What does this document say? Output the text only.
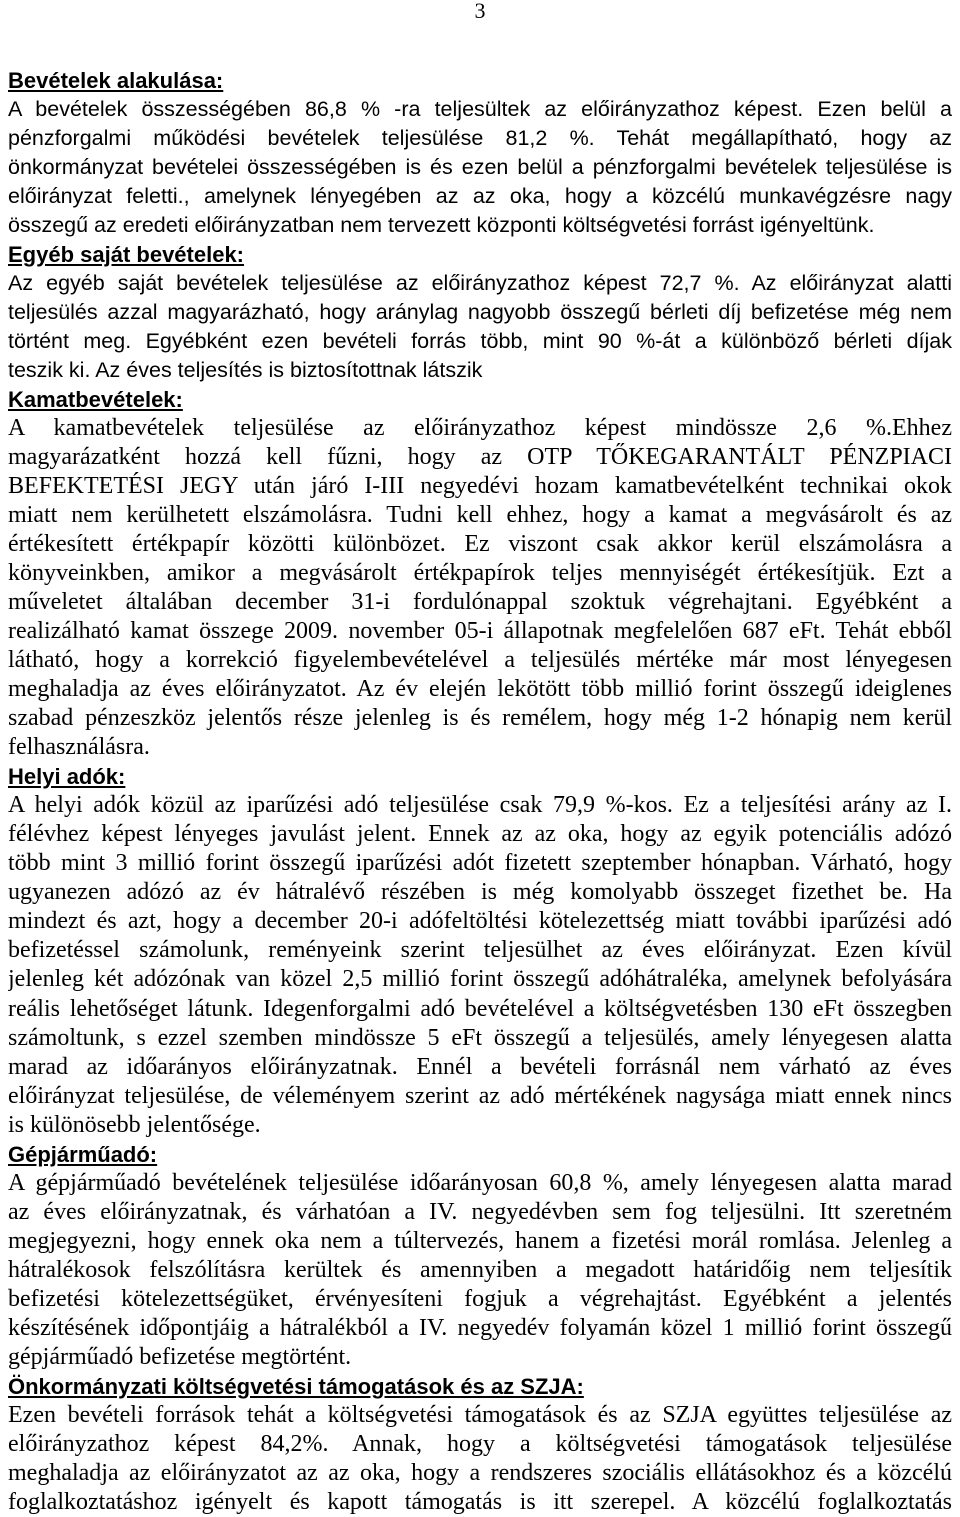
3
Bevételek alakulása:
A bevételek összességében 86,8 % -ra teljesültek az előirányzathoz képest. Ezen belül a
pénzforgalmi működési bevételek teljesülése 81,2 %. Tehát megállapítható, hogy az
önkormányzat bevételei összességében is és ezen belül a pénzforgalmi bevételek teljesülése is
előirányzat feletti., amelynek lényegében az az oka, hogy a közcélú munkavégzésre nagy
összegű az eredeti előirányzatban nem tervezett központi költségvetési forrást igényeltünk.
Egyéb saját bevételek:
Az egyéb saját bevételek teljesülése az előirányzathoz képest 72,7 %. Az előirányzat alatti
teljesülés azzal magyarázható, hogy aránylag nagyobb összegű bérleti díj befizetése még nem
történt meg. Egyébként ezen bevételi forrás több, mint 90 %-át a különböző bérleti díjak
teszik ki. Az éves teljesítés is biztosítottnak látszik
Kamatbevételek:
A kamatbevételek teljesülése az előirányzathoz képest mindössze 2,6 %.Ehhez
magyarázatként hozzá kell fűzni, hogy az OTP TŐKEGARANTÁLT PÉNZPIACI
BEFEKTETÉSI JEGY után járó I-III negyedévi hozam kamatbevételként technikai okok
miatt nem kerülhetett elszámolásra. Tudni kell ehhez, hogy a kamat a megvásárolt és az
értékesített értékpapír közötti különbözet. Ez viszont csak akkor kerül elszámolásra a
könyveinkben, amikor a megvásárolt értékpapírok teljes mennyiségét értékesítjük. Ezt a
műveletet általában december 31-i fordulónappal szoktuk végrehajtani. Egyébként a
realizálható kamat összege 2009. november 05-i állapotnak megfelelően 687 eFt. Tehát ebből
látható, hogy a korrekció figyelembevételével a teljesülés mértéke már most lényegesen
meghaladja az éves előirányzatot. Az év elején lekötött több millió forint összegű ideiglenes
szabad pénzeszköz jelentős része jelenleg is és remélem, hogy még 1-2 hónapig nem kerül
felhasználásra.
Helyi adók:
A helyi adók közül az iparűzési adó teljesülése csak 79,9 %-kos. Ez a teljesítési arány az I.
félévhez képest lényeges javulást jelent. Ennek az az oka, hogy az egyik potenciális adózó
több mint 3 millió forint összegű iparűzési adót fizetett szeptember hónapban. Várható, hogy
ugyanezen adózó az év hátralévő részében is még komolyabb összeget fizethet be. Ha
mindezt és azt, hogy a december 20-i adófeltöltési kötelezettség miatt további iparűzési adó
befizetéssel számolunk, reményeink szerint teljesülhet az éves előirányzat. Ezen kívül
jelenleg két adózónak van közel 2,5 millió forint összegű adóhátraléka, amelynek befolyására
reális lehetőséget látunk. Idegenforgalmi adó bevételével a költségvetésben 130 eFt összegben
számoltunk, s ezzel szemben mindössze 5 eFt összegű a teljesülés, amely lényegesen alatta
marad az időarányos előirányzatnak. Ennél a bevételi forrásnál nem várható az éves
előirányzat teljesülése, de véleményem szerint az adó mértékének nagysága miatt ennek nincs
is különösebb jelentősége.
Gépjárműadó:
A gépjárműadó bevételének teljesülése időarányosan 60,8 %, amely lényegesen alatta marad
az éves előirányzatnak, és várhatóan a IV. negyedévben sem fog teljesülni. Itt szeretném
megjegyezni, hogy ennek oka nem a túltervezés, hanem a fizetési morál romlása. Jelenleg a
hátralékosok felszólításra kerültek és amennyiben a megadott határidőig nem teljesítik
befizetési kötelezettségüket, érvényesíteni fogjuk a végrehajtást. Egyébként a jelentés
készítésének időpontjáig a hátralékból a IV. negyedév folyamán közel 1 millió forint összegű
gépjárműadó befizetése megtörtént.
Önkormányzati költségvetési támogatások és az SZJA:
Ezen bevételi források tehát a költségvetési támogatások és az SZJA együttes teljesülése az
előirányzathoz képest 84,2%. Annak, hogy a költségvetési támogatások teljesülése
meghaladja az előirányzatot az az oka, hogy a rendszeres szociális ellátásokhoz és a közcélú
foglalkoztatáshoz igényelt és kapott támogatás is itt szerepel. A közcélú foglalkoztatás
